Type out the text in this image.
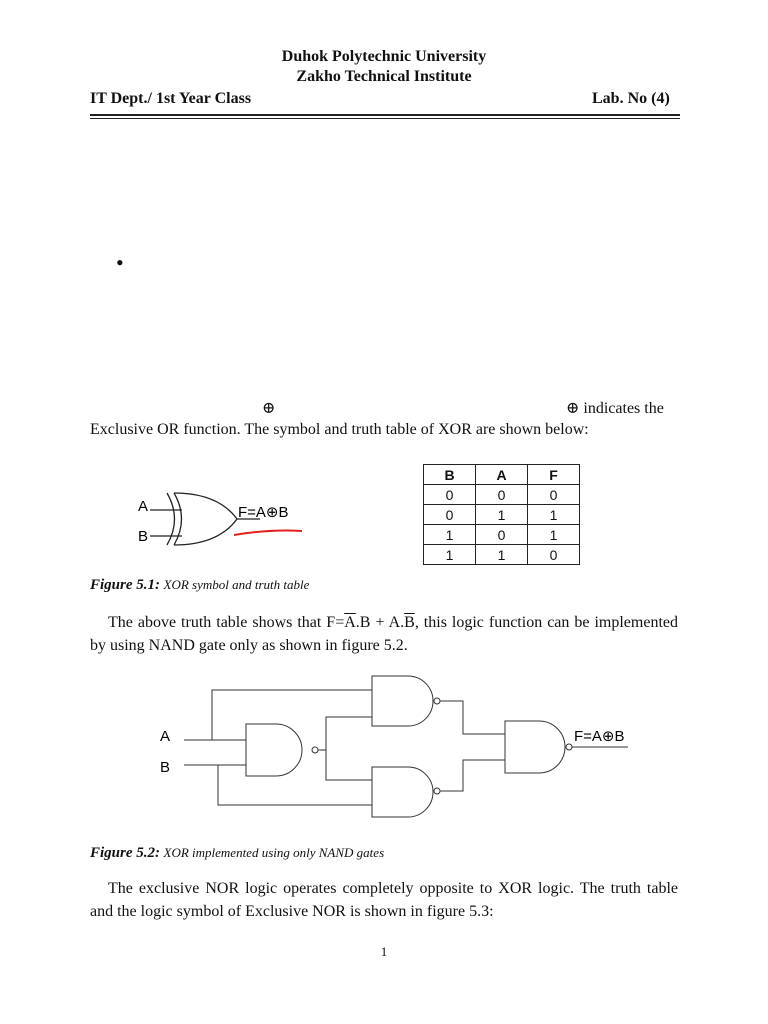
Duhok Polytechnic University
Zakho Technical Institute
IT Dept./ 1st Year Class	Lab. No (4)
•
⊕	⊕ indicates the
Exclusive OR function. The symbol and truth table of XOR are shown below:
A
B
F=A⊕B
B	A	F
0	0	0
0	1	1
1	0	1
1	1	0
Figure 5.1: XOR symbol and truth table
The above truth table shows that $F=\overline{A}.B + A.\overline{B}$, this logic function can be implemented by using NAND gate only as shown in figure 5.2.
A
B
F=A⊕B
Figure 5.2: XOR implemented using only NAND gates
The exclusive NOR logic operates completely opposite to XOR logic. The truth table and the logic symbol of Exclusive NOR is shown in figure 5.3:
1
